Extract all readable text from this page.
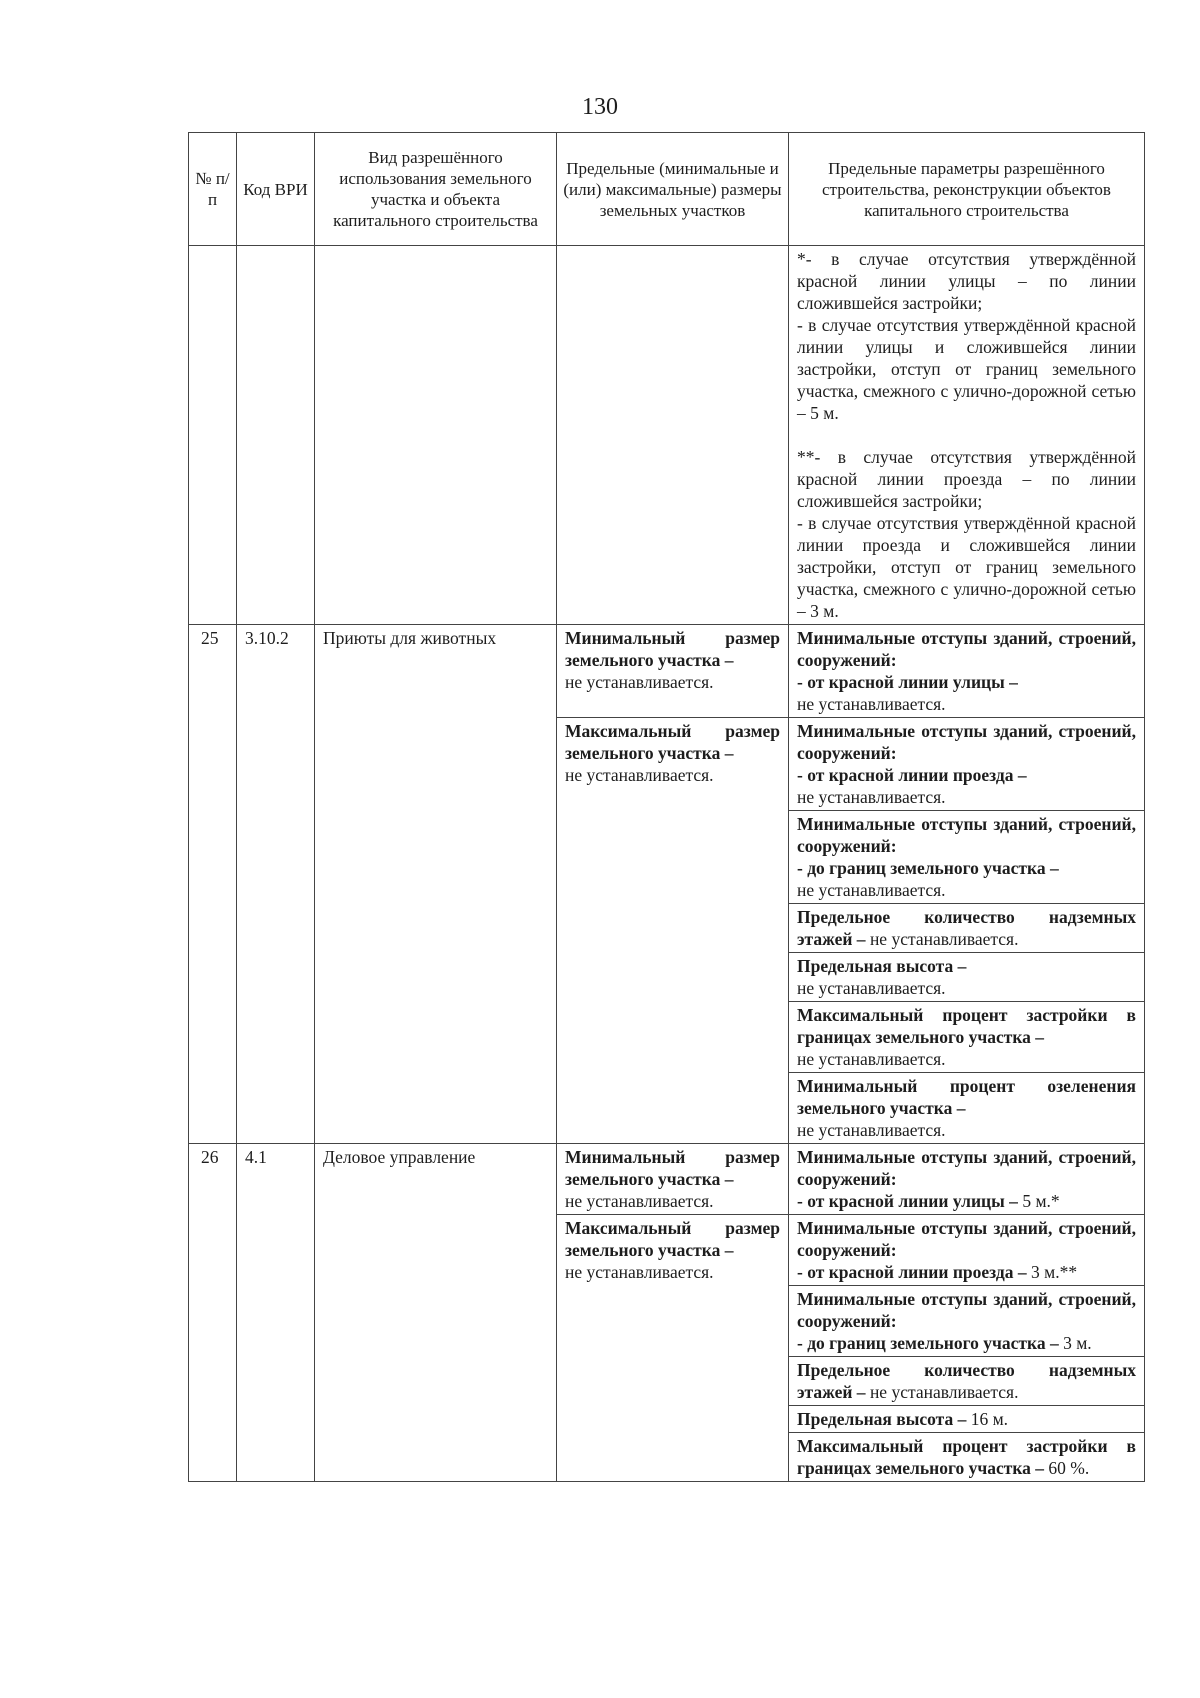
130
№ п/п	Код ВРИ	Вид разрешённого использования земельного участка и объекта капитального строительства	Предельные (минимальные и (или) максимальные) размеры земельных участков	Предельные параметры разрешённого строительства, реконструкции объектов капитального строительства

				*- в случае отсутствия утверждённой красной линии улицы – по линии сложившейся застройки;
- в случае отсутствия утверждённой красной линии улицы и сложившейся линии застройки, отступ от границ земельного участка, смежного с улично-дорожной сетью – 5 м.

**- в случае отсутствия утверждённой красной линии проезда – по линии сложившейся застройки;
- в случае отсутствия утверждённой красной линии проезда и сложившейся линии застройки, отступ от границ земельного участка, смежного с улично-дорожной сетью – 3 м.

25	3.10.2	Приюты для животных	Минимальный размер земельного участка –
не устанавливается.	Минимальные отступы зданий, строений, сооружений:
- от красной линии улицы –
не устанавливается.
			Максимальный размер земельного участка –
не устанавливается.	Минимальные отступы зданий, строений, сооружений:
- от красной линии проезда –
не устанавливается.
				Минимальные отступы зданий, строений, сооружений:
- до границ земельного участка –
не устанавливается.
				Предельное количество надземных этажей – не устанавливается.
				Предельная высота –
не устанавливается.
				Максимальный процент застройки в границах земельного участка –
не устанавливается.
				Минимальный процент озеленения земельного участка –
не устанавливается.
26	4.1	Деловое управление	Минимальный размер земельного участка –
не устанавливается.	Минимальные отступы зданий, строений, сооружений:
- от красной линии улицы – 5 м.*
			Максимальный размер земельного участка –
не устанавливается.	Минимальные отступы зданий, строений, сооружений:
- от красной линии проезда – 3 м.**
				Минимальные отступы зданий, строений, сооружений:
- до границ земельного участка – 3 м.
				Предельное количество надземных этажей – не устанавливается.
				Предельная высота – 16 м.
				Максимальный процент застройки в границах земельного участка – 60 %.
